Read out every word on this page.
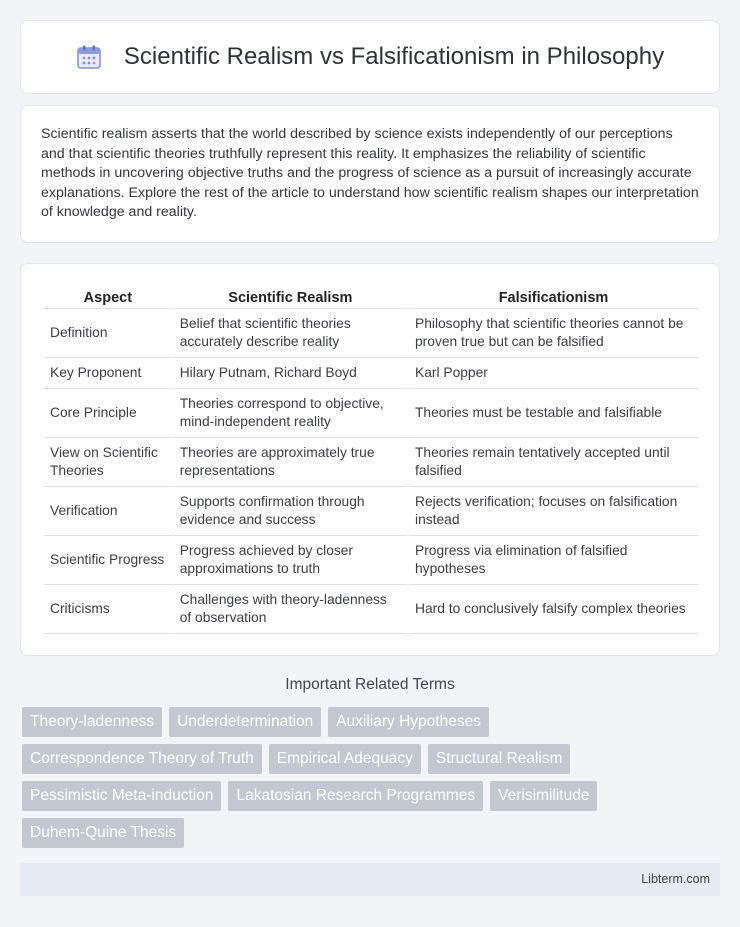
Scientific Realism vs Falsificationism in Philosophy

Scientific realism asserts that the world described by science exists independently of our perceptions and that scientific theories truthfully represent this reality. It emphasizes the reliability of scientific methods in uncovering objective truths and the progress of science as a pursuit of increasingly accurate explanations. Explore the rest of the article to understand how scientific realism shapes our interpretation of knowledge and reality.

Aspect	Scientific Realism	Falsificationism
Definition	Belief that scientific theories accurately describe reality	Philosophy that scientific theories cannot be proven true but can be falsified
Key Proponent	Hilary Putnam, Richard Boyd	Karl Popper
Core Principle	Theories correspond to objective, mind-independent reality	Theories must be testable and falsifiable
View on Scientific Theories	Theories are approximately true representations	Theories remain tentatively accepted until falsified
Verification	Supports confirmation through evidence and success	Rejects verification; focuses on falsification instead
Scientific Progress	Progress achieved by closer approximations to truth	Progress via elimination of falsified hypotheses
Criticisms	Challenges with theory-ladenness of observation	Hard to conclusively falsify complex theories
Important Related Terms
Theory-ladenness	Underdetermination	Auxiliary Hypotheses
Correspondence Theory of Truth	Empirical Adequacy	Structural Realism
Pessimistic Meta-induction	Lakatosian Research Programmes	Verisimilitude
Duhem-Quine Thesis
Libterm.com
